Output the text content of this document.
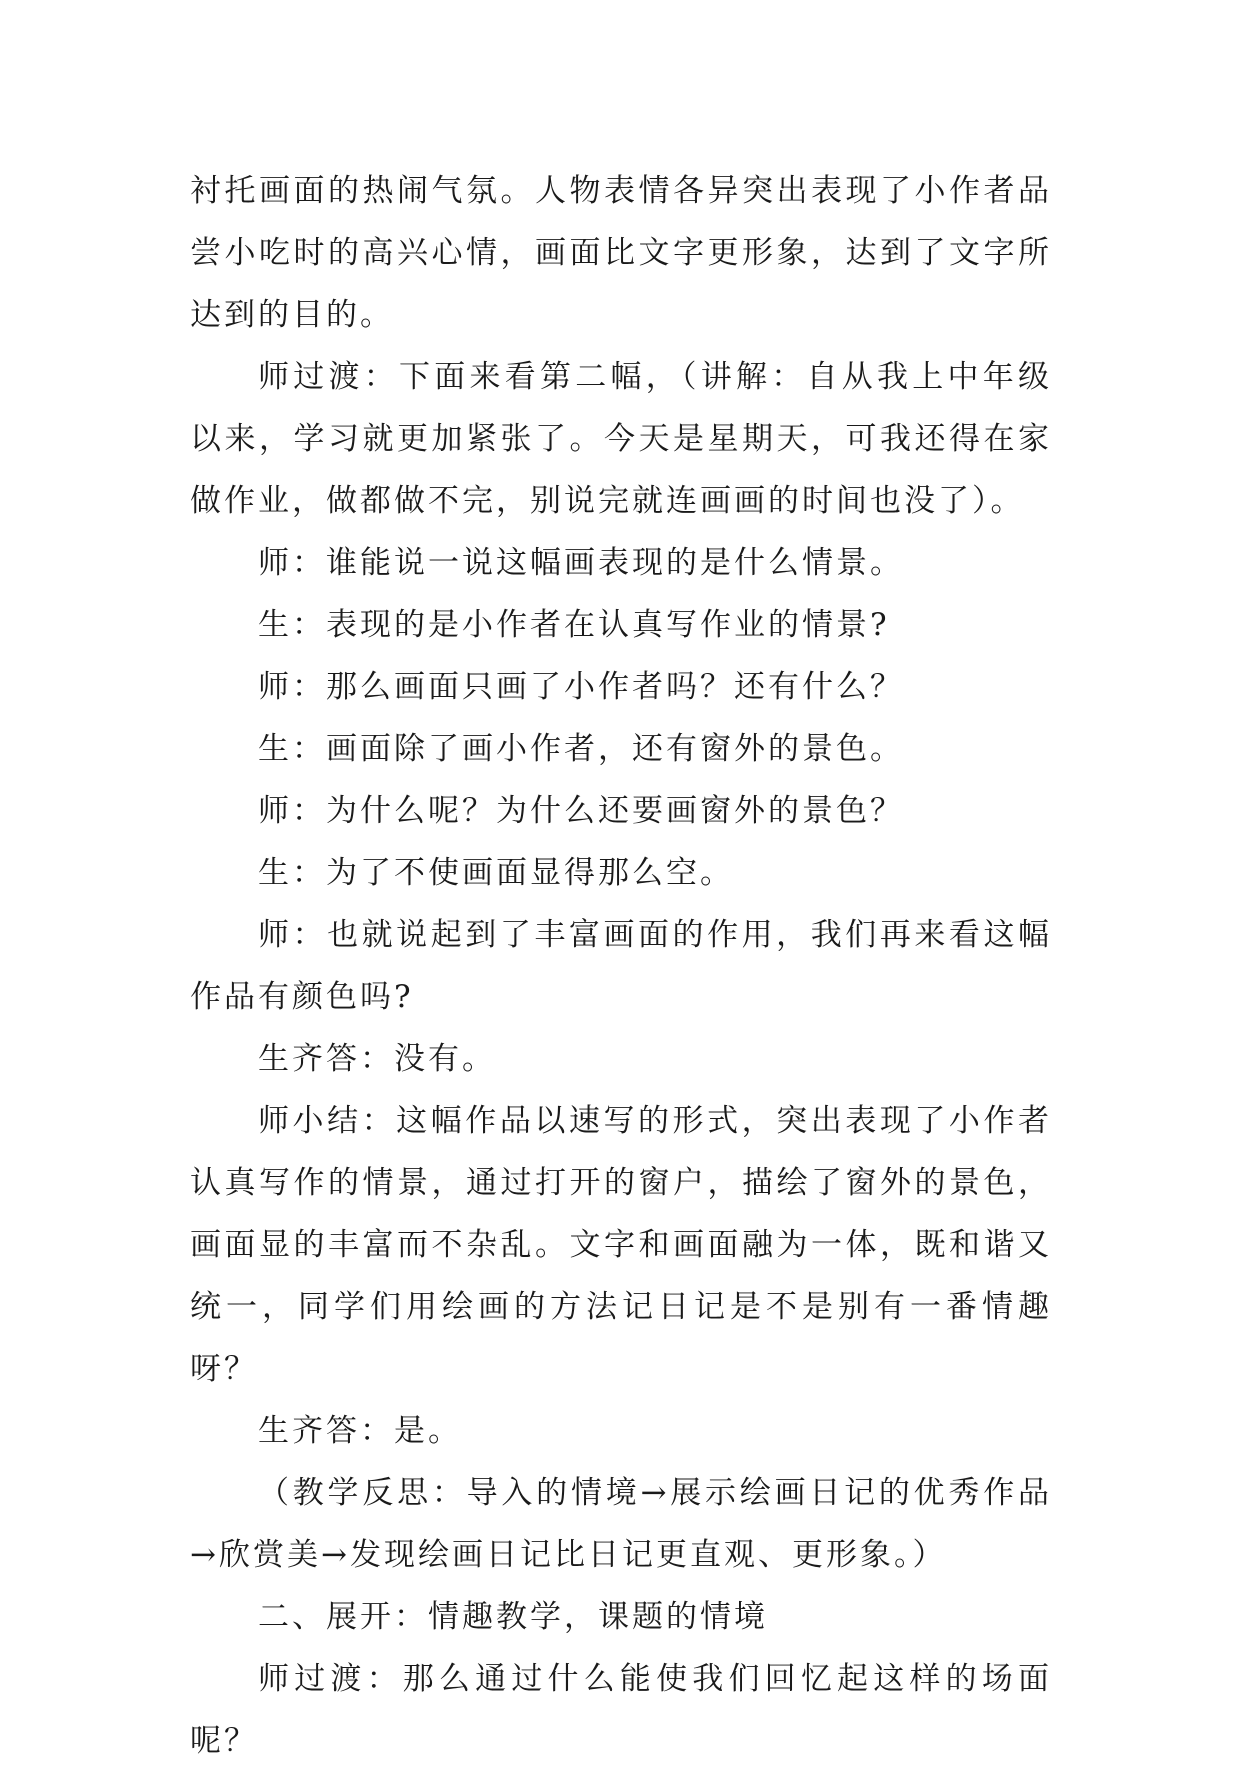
衬托画面的热闹气氛。人物表情各异突出表现了小作者品尝小吃时的高兴心情，画面比文字更形象，达到了文字所达到的目的。

师过渡：下面来看第二幅，（讲解：自从我上中年级以来，学习就更加紧张了。今天是星期天，可我还得在家做作业，做都做不完，别说完就连画画的时间也没了）。

师：谁能说一说这幅画表现的是什么情景。

生：表现的是小作者在认真写作业的情景?

师：那么画面只画了小作者吗？还有什么？

生：画面除了画小作者，还有窗外的景色。

师：为什么呢？为什么还要画窗外的景色？

生：为了不使画面显得那么空。

师：也就说起到了丰富画面的作用，我们再来看这幅作品有颜色吗?

生齐答：没有。

师小结：这幅作品以速写的形式，突出表现了小作者认真写作的情景，通过打开的窗户，描绘了窗外的景色，画面显的丰富而不杂乱。文字和画面融为一体，既和谐又统一，同学们用绘画的方法记日记是不是别有一番情趣呀？

生齐答：是。

（教学反思：导入的情境→展示绘画日记的优秀作品→欣赏美→发现绘画日记比日记更直观、更形象。）

二、展开：情趣教学，课题的情境

师过渡：那么通过什么能使我们回忆起这样的场面呢？
